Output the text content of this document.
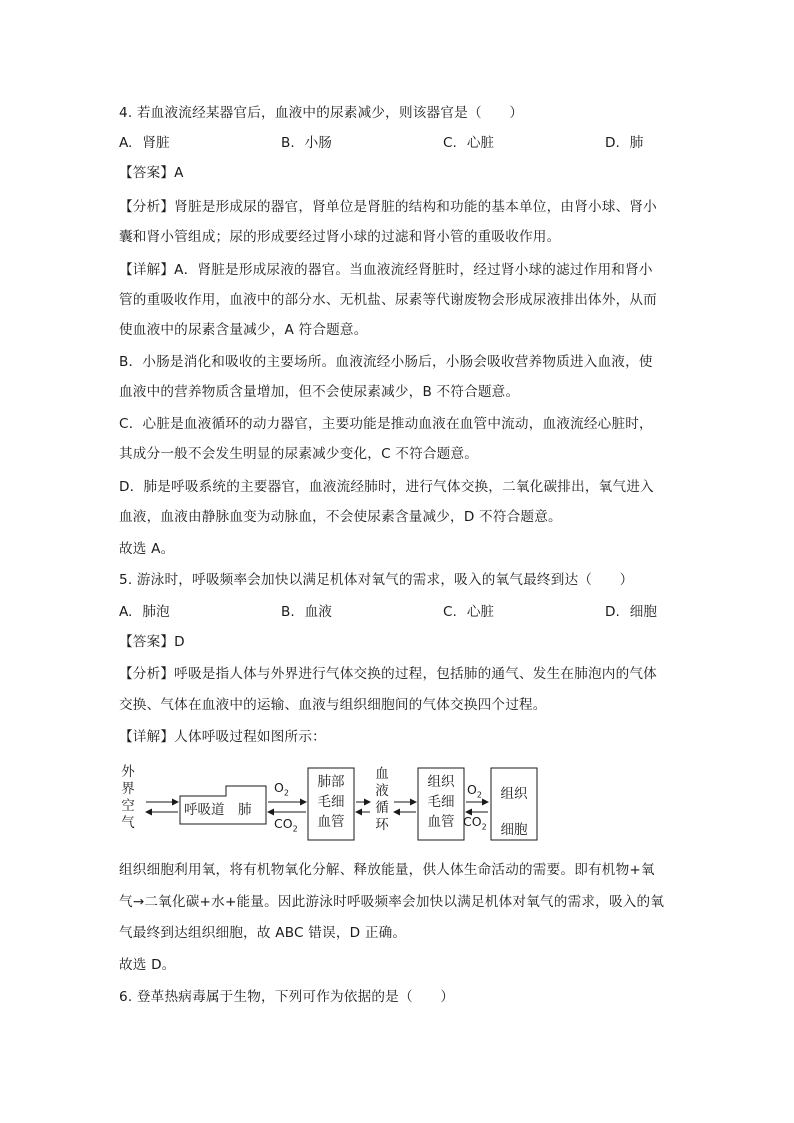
4. 若血液流经某器官后，血液中的尿素减少，则该器官是（　　）
A. 肾脏	B. 小肠	C. 心脏	D. 肺
【答案】A
【分析】肾脏是形成尿的器官，肾单位是肾脏的结构和功能的基本单位，由肾小球、肾小
囊和肾小管组成；尿的形成要经过肾小球的过滤和肾小管的重吸收作用。
【详解】A．肾脏是形成尿液的器官。当血液流经肾脏时，经过肾小球的滤过作用和肾小
管的重吸收作用，血液中的部分水、无机盐、尿素等代谢废物会形成尿液排出体外，从而
使血液中的尿素含量减少，A 符合题意。
B．小肠是消化和吸收的主要场所。血液流经小肠后，小肠会吸收营养物质进入血液，使
血液中的营养物质含量增加，但不会使尿素减少，B 不符合题意。
C．心脏是血液循环的动力器官，主要功能是推动血液在血管中流动，血液流经心脏时，
其成分一般不会发生明显的尿素减少变化，C 不符合题意。
D．肺是呼吸系统的主要器官，血液流经肺时，进行气体交换，二氧化碳排出，氧气进入
血液，血液由静脉血变为动脉血，不会使尿素含量减少，D 不符合题意。
故选 A。
5. 游泳时，呼吸频率会加快以满足机体对氧气的需求，吸入的氧气最终到达（　　）
A. 肺泡	B. 血液	C. 心脏	D. 细胞
【答案】D
【分析】呼吸是指人体与外界进行气体交换的过程，包括肺的通气、发生在肺泡内的气体
交换、气体在血液中的运输、血液与组织细胞间的气体交换四个过程。
【详解】人体呼吸过程如图所示：
外界空气
呼吸道 肺
$O_2$
$CO_2$
肺部毛细血管
血液循环
组织毛细血管
$O_2$
$CO_2$
组织细胞
组织细胞利用氧，将有机物氧化分解、释放能量，供人体生命活动的需要。即有机物+氧
气→二氧化碳+水+能量。因此游泳时呼吸频率会加快以满足机体对氧气的需求，吸入的氧
气最终到达组织细胞，故 ABC 错误，D 正确。
故选 D。
6. 登革热病毒属于生物，下列可作为依据的是（　　）
